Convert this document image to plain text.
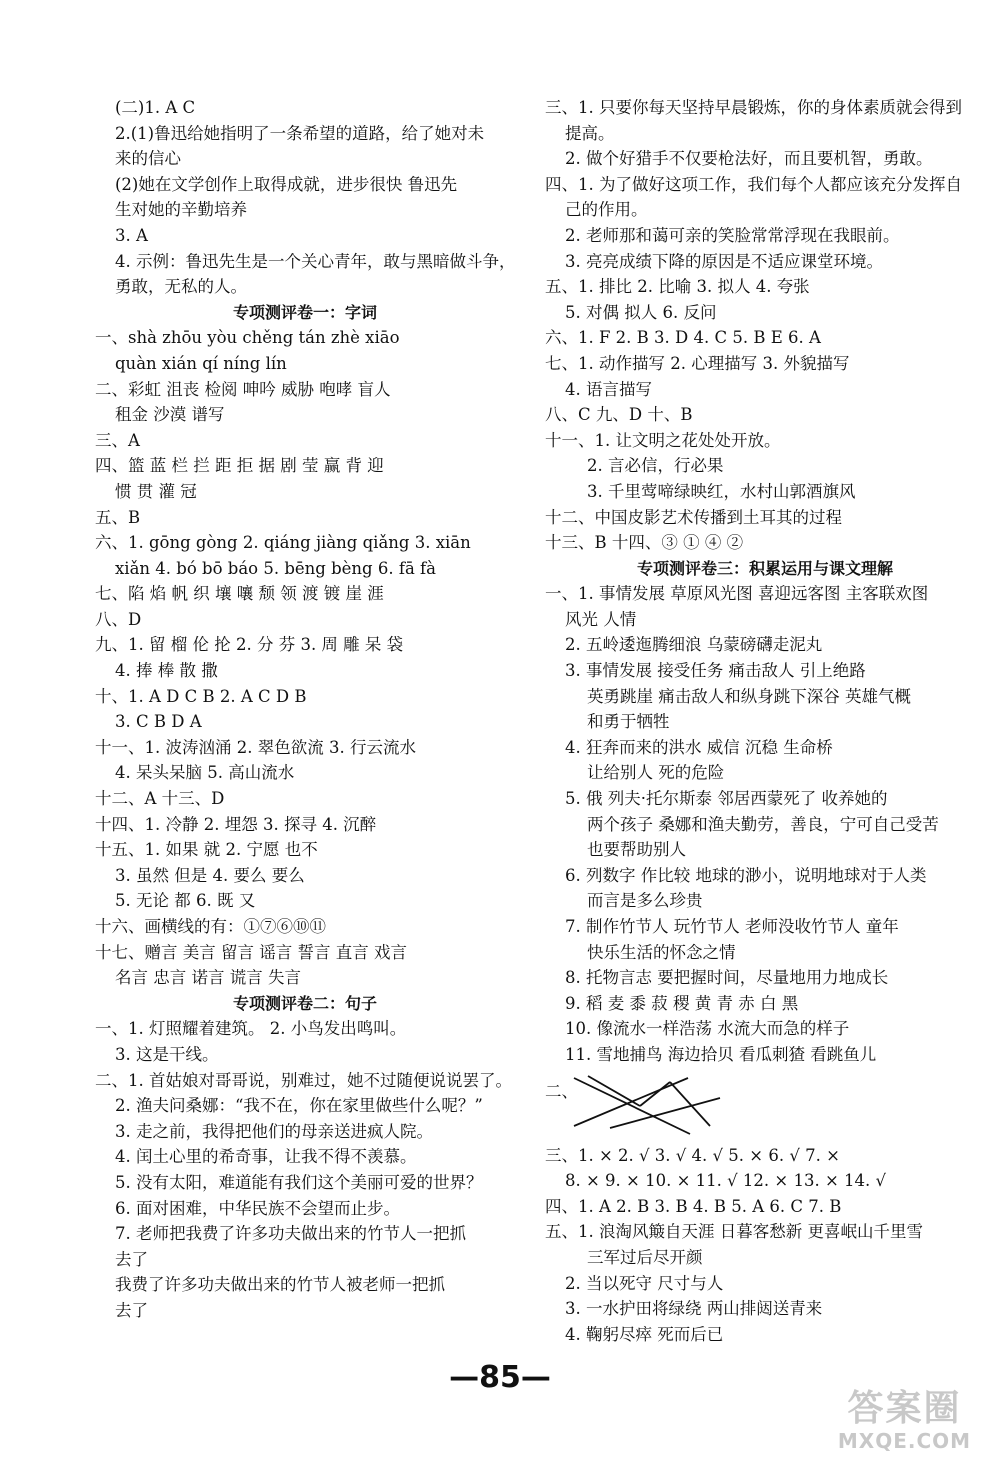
(二)1. A C
2.(1)鲁迅给她指明了一条希望的道路，给了她对未
来的信心
(2)她在文学创作上取得成就，进步很快 鲁迅先
生对她的辛勤培养
3. A
4. 示例：鲁迅先生是一个关心青年，敢与黑暗做斗争，
勇敢，无私的人。
专项测评卷一：字词
一、shà zhōu yòu chěng tán zhè xiāo
quàn xián qí níng lín
二、彩虹 沮丧 检阅 呻吟 威胁 咆哮 盲人
租金 沙漠 谱写
三、A
四、篮 蓝 栏 拦 距 拒 据 剧 莹 赢 背 迎
惯 贯 灌 冠
五、B
六、1. gōng gòng 2. qiáng jiàng qiǎng 3. xiān
xiǎn 4. bó bō báo 5. bēng bèng 6. fā fà
七、陷 焰 帆 织 壤 嚷 颓 领 渡 镀 崖 涯
八、D
九、1. 留 榴 伦 抡 2. 分 芬 3. 周 雕 呆 袋
4. 捧 棒 散 撒
十、1. A D C B 2. A C D B
3. C B D A
十一、1. 波涛汹涌 2. 翠色欲流 3. 行云流水
4. 呆头呆脑 5. 高山流水
十二、A 十三、D
十四、1. 冷静 2. 埋怨 3. 探寻 4. 沉醉
十五、1. 如果 就 2. 宁愿 也不
3. 虽然 但是 4. 要么 要么
5. 无论 都 6. 既 又
十六、画横线的有：①⑦⑥⑩⑪
十七、赠言 美言 留言 谣言 誓言 直言 戏言
名言 忠言 诺言 谎言 失言
专项测评卷二：句子
一、1. 灯照耀着建筑。 2. 小鸟发出鸣叫。
3. 这是干线。
二、1. 首姑娘对哥哥说，别难过，她不过随便说说罢了。
2. 渔夫问桑娜：“我不在，你在家里做些什么呢？”
3. 走之前，我得把他们的母亲送进疯人院。
4. 闰土心里的希奇事，让我不得不羡慕。
5. 没有太阳，难道能有我们这个美丽可爱的世界？
6. 面对困难，中华民族不会望而止步。
7. 老师把我费了许多功夫做出来的竹节人一把抓
去了
我费了许多功夫做出来的竹节人被老师一把抓
去了
三、1. 只要你每天坚持早晨锻炼，你的身体素质就会得到
提高。
2. 做个好猎手不仅要枪法好，而且要机智，勇敢。
四、1. 为了做好这项工作，我们每个人都应该充分发挥自
己的作用。
2. 老师那和蔼可亲的笑脸常常浮现在我眼前。
3. 亮亮成绩下降的原因是不适应课堂环境。
五、1. 排比 2. 比喻 3. 拟人 4. 夸张
5. 对偶 拟人 6. 反问
六、1. F 2. B 3. D 4. C 5. B E 6. A
七、1. 动作描写 2. 心理描写 3. 外貌描写
4. 语言描写
八、C 九、D 十、B
十一、1. 让文明之花处处开放。
2. 言必信，行必果
3. 千里莺啼绿映红，水村山郭酒旗风
十二、中国皮影艺术传播到土耳其的过程
十三、B 十四、③ ① ④ ②
专项测评卷三：积累运用与课文理解
一、1. 事情发展 草原风光图 喜迎远客图 主客联欢图
风光 人情
2. 五岭逶迤腾细浪 乌蒙磅礴走泥丸
3. 事情发展 接受任务 痛击敌人 引上绝路
英勇跳崖 痛击敌人和纵身跳下深谷 英雄气概
和勇于牺牲
4. 狂奔而来的洪水 威信 沉稳 生命桥
让给别人 死的危险
5. 俄 列夫·托尔斯泰 邻居西蒙死了 收养她的
两个孩子 桑娜和渔夫勤劳，善良，宁可自己受苦
也要帮助别人
6. 列数字 作比较 地球的渺小，说明地球对于人类
而言是多么珍贵
7. 制作竹节人 玩竹节人 老师没收竹节人 童年
快乐生活的怀念之情
8. 托物言志 要把握时间，尽量地用力地成长
9. 稻 麦 黍 菽 稷 黄 青 赤 白 黑
10. 像流水一样浩荡 水流大而急的样子
11. 雪地捕鸟 海边拾贝 看瓜刺猹 看跳鱼儿
二、
三、1. × 2. √ 3. √ 4. √ 5. × 6. √ 7. ×
8. × 9. × 10. × 11. √ 12. × 13. × 14. √
四、1. A 2. B 3. B 4. B 5. A 6. C 7. B
五、1. 浪淘风簸自天涯 日暮客愁新 更喜岷山千里雪
三军过后尽开颜
2. 当以死守 尺寸与人
3. 一水护田将绿绕 两山排闼送青来
4. 鞠躬尽瘁 死而后已
—85—
答案圈
MXQE.COM
